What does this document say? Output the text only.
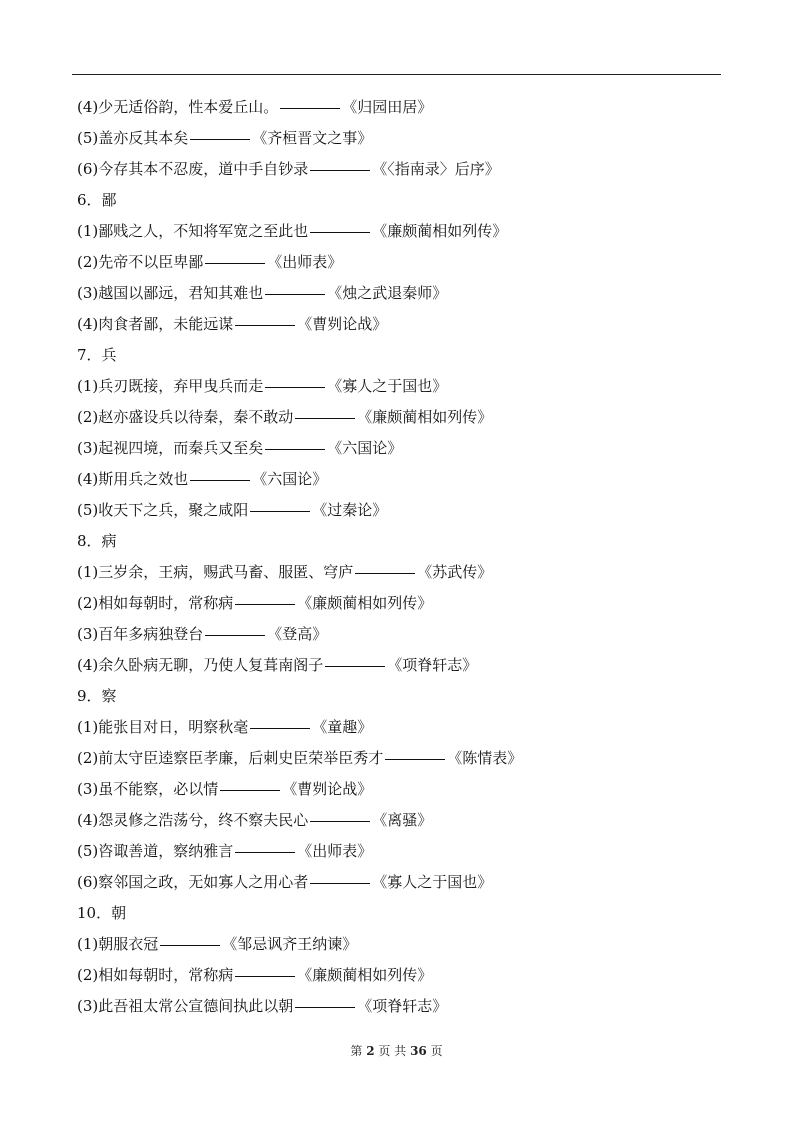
(4)少无适俗韵，性本爱丘山。	《归园田居》
(5)盖亦反其本矣	《齐桓晋文之事》
(6)今存其本不忍废，道中手自钞录	《〈指南录〉后序》
6．鄙
(1)鄙贱之人，不知将军宽之至此也	《廉颇蔺相如列传》
(2)先帝不以臣卑鄙	《出师表》
(3)越国以鄙远，君知其难也	《烛之武退秦师》
(4)肉食者鄙，未能远谋	《曹刿论战》
7．兵
(1)兵刃既接，弃甲曳兵而走	《寡人之于国也》
(2)赵亦盛设兵以待秦，秦不敢动	《廉颇蔺相如列传》
(3)起视四境，而秦兵又至矣	《六国论》
(4)斯用兵之效也	《六国论》
(5)收天下之兵，聚之咸阳	《过秦论》
8．病
(1)三岁余，王病，赐武马畜、服匿、穹庐	《苏武传》
(2)相如每朝时，常称病	《廉颇蔺相如列传》
(3)百年多病独登台	《登高》
(4)余久卧病无聊，乃使人复葺南阁子	《项脊轩志》
9．察
(1)能张目对日，明察秋毫	《童趣》
(2)前太守臣逵察臣孝廉，后刺史臣荣举臣秀才	《陈情表》
(3)虽不能察，必以情	《曹刿论战》
(4)怨灵修之浩荡兮，终不察夫民心	《离骚》
(5)咨诹善道，察纳雅言	《出师表》
(6)察邻国之政，无如寡人之用心者	《寡人之于国也》
10．朝
(1)朝服衣冠	《邹忌讽齐王纳谏》
(2)相如每朝时，常称病	《廉颇蔺相如列传》
(3)此吾祖太常公宣德间执此以朝	《项脊轩志》
第 2 页 共 36 页
